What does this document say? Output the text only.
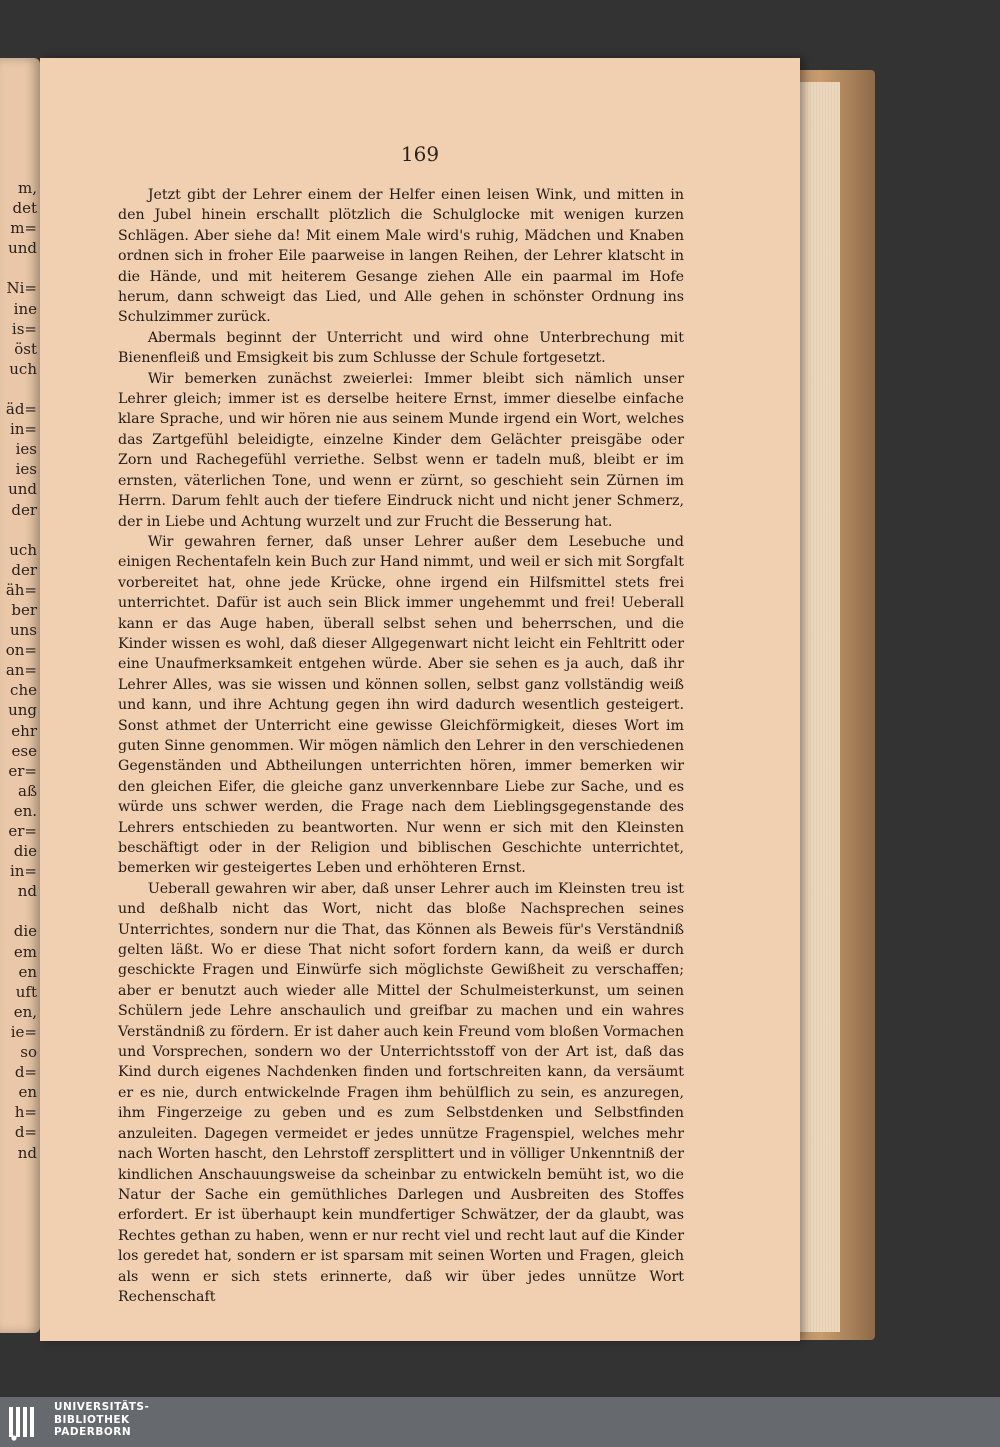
m,
det
m=
und

Ni=
ine
is=
öst
uch

äd=
in=
ies
ies
und
der

uch
der
äh=
ber
uns
on=
an=
che
ung
ehr
ese
er=
aß
en.
er=
die
in=
nd

die
em
en
uft
en,
ie=
so
d=
en
h=
d=
nd
169

Jetzt gibt der Lehrer einem der Helfer einen leisen Wink, und mitten in den Jubel hinein erschallt plötzlich die Schulglocke mit wenigen kurzen Schlägen. Aber siehe da! Mit einem Male wird's ruhig, Mädchen und Knaben ordnen sich in froher Eile paarweise in langen Reihen, der Lehrer klatscht in die Hände, und mit heiterem Gesange ziehen Alle ein paarmal im Hofe herum, dann schweigt das Lied, und Alle gehen in schönster Ordnung ins Schulzimmer zurück.

Abermals beginnt der Unterricht und wird ohne Unterbrechung mit Bienenfleiß und Emsigkeit bis zum Schlusse der Schule fortgesetzt.

Wir bemerken zunächst zweierlei: Immer bleibt sich nämlich unser Lehrer gleich; immer ist es derselbe heitere Ernst, immer dieselbe einfache klare Sprache, und wir hören nie aus seinem Munde irgend ein Wort, welches das Zartgefühl beleidigte, einzelne Kinder dem Gelächter preisgäbe oder Zorn und Rachegefühl verriethe. Selbst wenn er tadeln muß, bleibt er im ernsten, väterlichen Tone, und wenn er zürnt, so geschieht sein Zürnen im Herrn. Darum fehlt auch der tiefere Eindruck nicht und nicht jener Schmerz, der in Liebe und Achtung wurzelt und zur Frucht die Besserung hat.

Wir gewahren ferner, daß unser Lehrer außer dem Lesebuche und einigen Rechentafeln kein Buch zur Hand nimmt, und weil er sich mit Sorgfalt vorbereitet hat, ohne jede Krücke, ohne irgend ein Hilfsmittel stets frei unterrichtet. Dafür ist auch sein Blick immer ungehemmt und frei! Ueberall kann er das Auge haben, überall selbst sehen und beherrschen, und die Kinder wissen es wohl, daß dieser Allgegenwart nicht leicht ein Fehltritt oder eine Unaufmerksamkeit entgehen würde. Aber sie sehen es ja auch, daß ihr Lehrer Alles, was sie wissen und können sollen, selbst ganz vollständig weiß und kann, und ihre Achtung gegen ihn wird dadurch wesentlich gesteigert. Sonst athmet der Unterricht eine gewisse Gleichförmigkeit, dieses Wort im guten Sinne genommen. Wir mögen nämlich den Lehrer in den verschiedenen Gegenständen und Abtheilungen unterrichten hören, immer bemerken wir den gleichen Eifer, die gleiche ganz unverkennbare Liebe zur Sache, und es würde uns schwer werden, die Frage nach dem Lieblingsgegenstande des Lehrers entschieden zu beantworten. Nur wenn er sich mit den Kleinsten beschäftigt oder in der Religion und biblischen Geschichte unterrichtet, bemerken wir gesteigertes Leben und erhöhteren Ernst.

Ueberall gewahren wir aber, daß unser Lehrer auch im Kleinsten treu ist und deßhalb nicht das Wort, nicht das bloße Nachsprechen seines Unterrichtes, sondern nur die That, das Können als Beweis für's Verständniß gelten läßt. Wo er diese That nicht sofort fordern kann, da weiß er durch geschickte Fragen und Einwürfe sich möglichste Gewißheit zu verschaffen; aber er benutzt auch wieder alle Mittel der Schulmeisterkunst, um seinen Schülern jede Lehre anschaulich und greifbar zu machen und ein wahres Verständniß zu fördern. Er ist daher auch kein Freund vom bloßen Vormachen und Vorsprechen, sondern wo der Unterrichtsstoff von der Art ist, daß das Kind durch eigenes Nachdenken finden und fortschreiten kann, da versäumt er es nie, durch entwickelnde Fragen ihm behülflich zu sein, es anzuregen, ihm Fingerzeige zu geben und es zum Selbstdenken und Selbstfinden anzuleiten. Dagegen vermeidet er jedes unnütze Fragenspiel, welches mehr nach Worten hascht, den Lehrstoff zersplittert und in völliger Unkenntniß der kindlichen Anschauungsweise da scheinbar zu entwickeln bemüht ist, wo die Natur der Sache ein gemüthliches Darlegen und Ausbreiten des Stoffes erfordert. Er ist überhaupt kein mundfertiger Schwätzer, der da glaubt, was Rechtes gethan zu haben, wenn er nur recht viel und recht laut auf die Kinder los geredet hat, sondern er ist sparsam mit seinen Worten und Fragen, gleich als wenn er sich stets erinnerte, daß wir über jedes unnütze Wort Rechenschaft

UNIVERSITÄTS-
BIBLIOTHEK
PADERBORN
